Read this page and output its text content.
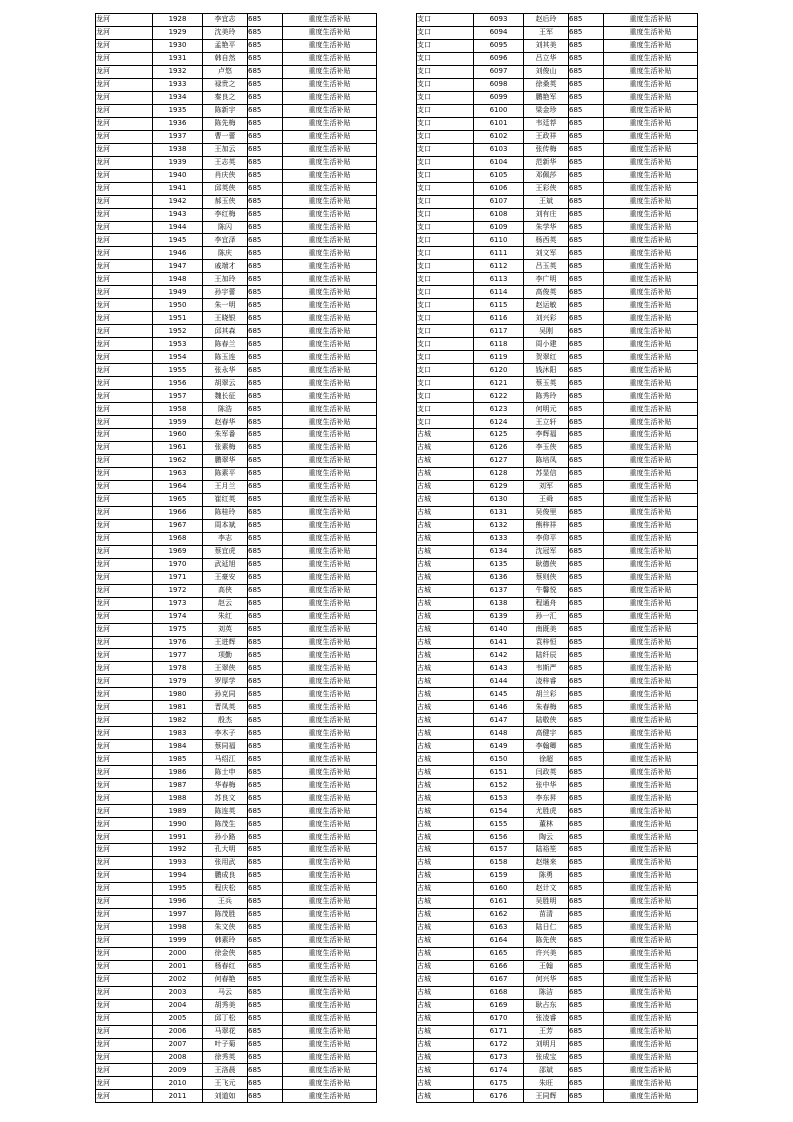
龙河	1928	李宜志	685	重度生活补贴
龙河	1929	沈美玲	685	重度生活补贴
龙河	1930	孟艳平	685	重度生活补贴
龙河	1931	韩自然	685	重度生活补贴
龙河	1932	卢悠	685	重度生活补贴
龙河	1933	禄贵之	685	重度生活补贴
龙河	1934	秦良之	685	重度生活补贴
龙河	1935	陈新宇	685	重度生活补贴
龙河	1936	陈先梅	685	重度生活补贴
龙河	1937	曹一蕾	685	重度生活补贴
龙河	1938	王加云	685	重度生活补贴
龙河	1939	王志英	685	重度生活补贴
龙河	1940	肖庆侠	685	重度生活补贴
龙河	1941	邱英侠	685	重度生活补贴
龙河	1942	郝玉侠	685	重度生活补贴
龙河	1943	李红梅	685	重度生活补贴
龙河	1944	陈闪	685	重度生活补贴
龙河	1945	李宜泽	685	重度生活补贴
龙河	1946	陈庆	685	重度生活补贴
龙河	1947	戚端才	685	重度生活补贴
龙河	1948	王加玲	685	重度生活补贴
龙河	1949	孙宇蕾	685	重度生活补贴
龙河	1950	朱一明	685	重度生活补贴
龙河	1951	王晓银	685	重度生活补贴
龙河	1952	邱其森	685	重度生活补贴
龙河	1953	陈春兰	685	重度生活补贴
龙河	1954	陈玉连	685	重度生活补贴
龙河	1955	张永华	685	重度生活补贴
龙河	1956	胡翠云	685	重度生活补贴
龙河	1957	魏长征	685	重度生活补贴
龙河	1958	陈浩	685	重度生活补贴
龙河	1959	赵春华	685	重度生活补贴
龙河	1960	朱军番	685	重度生活补贴
龙河	1961	张素梅	685	重度生活补贴
龙河	1962	鹏翠华	685	重度生活补贴
龙河	1963	陈素平	685	重度生活补贴
龙河	1964	王月兰	685	重度生活补贴
龙河	1965	崔红英	685	重度生活补贴
龙河	1966	陈桂玲	685	重度生活补贴
龙河	1967	周本斌	685	重度生活补贴
龙河	1968	李志	685	重度生活补贴
龙河	1969	蔡宜虎	685	重度生活补贴
龙河	1970	武延旭	685	重度生活补贴
龙河	1971	王豪安	685	重度生活补贴
龙河	1972	高侠	685	重度生活补贴
龙河	1973	赵云	685	重度生活补贴
龙河	1974	朱红	685	重度生活补贴
龙河	1975	刘英	685	重度生活补贴
龙河	1976	王进辉	685	重度生活补贴
龙河	1977	项勤	685	重度生活补贴
龙河	1978	王翠侠	685	重度生活补贴
龙河	1979	罗厚学	685	重度生活补贴
龙河	1980	孙克同	685	重度生活补贴
龙河	1981	晋凤英	685	重度生活补贴
龙河	1982	殷杰	685	重度生活补贴
龙河	1983	李木子	685	重度生活补贴
龙河	1984	蔡同福	685	重度生活补贴
龙河	1985	马绍江	685	重度生活补贴
龙河	1986	陈士申	685	重度生活补贴
龙河	1987	华春梅	685	重度生活补贴
龙河	1988	苏良文	685	重度生活补贴
龙河	1989	陈连英	685	重度生活补贴
龙河	1990	陈茂生	685	重度生活补贴
龙河	1991	孙小路	685	重度生活补贴
龙河	1992	孔大明	685	重度生活补贴
龙河	1993	张用武	685	重度生活补贴
龙河	1994	鹏成良	685	重度生活补贴
龙河	1995	程庆松	685	重度生活补贴
龙河	1996	王兵	685	重度生活补贴
龙河	1997	陈茂胜	685	重度生活补贴
龙河	1998	朱文侠	685	重度生活补贴
龙河	1999	韩素玲	685	重度生活补贴
龙河	2000	徐金侠	685	重度生活补贴
龙河	2001	杨春红	685	重度生活补贴
龙河	2002	何春艳	685	重度生活补贴
龙河	2003	马云	685	重度生活补贴
龙河	2004	胡秀美	685	重度生活补贴
龙河	2005	邱丁松	685	重度生活补贴
龙河	2006	马翠花	685	重度生活补贴
龙河	2007	叶子菊	685	重度生活补贴
龙河	2008	徐秀英	685	重度生活补贴
龙河	2009	王洛晨	685	重度生活补贴
龙河	2010	王飞元	685	重度生活补贴
龙河	2011	刘道如	685	重度生活补贴
支口	6093	赵后玲	685	重度生活补贴
支口	6094	王军	685	重度生活补贴
支口	6095	刘其美	685	重度生活补贴
支口	6096	吕立华	685	重度生活补贴
支口	6097	刘俊山	685	重度生活补贴
支口	6098	徐桑英	685	重度生活补贴
支口	6099	鹏艳军	685	重度生活补贴
支口	6100	梁金珍	685	重度生活补贴
支口	6101	韦廷荐	685	重度生活补贴
支口	6102	王政祥	685	重度生活补贴
支口	6103	张传梅	685	重度生活补贴
支口	6104	范新华	685	重度生活补贴
支口	6105	邓佩莎	685	重度生活补贴
支口	6106	王彩侠	685	重度生活补贴
支口	6107	王斌	685	重度生活补贴
支口	6108	刘有庄	685	重度生活补贴
支口	6109	朱学华	685	重度生活补贴
支口	6110	杨西英	685	重度生活补贴
支口	6111	刘文军	685	重度生活补贴
支口	6112	吕玉英	685	重度生活补贴
支口	6113	李广明	685	重度生活补贴
支口	6114	高俊英	685	重度生活补贴
支口	6115	赵运敏	685	重度生活补贴
支口	6116	刘兴彩	685	重度生活补贴
支口	6117	吴刚	685	重度生活补贴
支口	6118	周小建	685	重度生活补贴
支口	6119	贺翠红	685	重度生活补贴
支口	6120	钱沐阳	685	重度生活补贴
支口	6121	蔡玉英	685	重度生活补贴
支口	6122	陈秀玲	685	重度生活补贴
支口	6123	何明元	685	重度生活补贴
支口	6124	王立轩	685	重度生活补贴
古城	6125	李辉福	685	重度生活补贴
古城	6126	李玉侠	685	重度生活补贴
古城	6127	陈培凤	685	重度生活补贴
古城	6128	苏显信	685	重度生活补贴
古城	6129	刘军	685	重度生活补贴
古城	6130	王舜	685	重度生活补贴
古城	6131	吴俊里	685	重度生活补贴
古城	6132	熊梓祥	685	重度生活补贴
古城	6133	李仰平	685	重度生活补贴
古城	6134	沈冠军	685	重度生活补贴
古城	6135	耿德侠	685	重度生活补贴
古城	6136	蔡则侠	685	重度生活补贴
古城	6137	牛馨悦	685	重度生活补贴
古城	6138	程通舟	685	重度生活补贴
古城	6139	孙一汇	685	重度生活补贴
古城	6140	南既美	685	重度生活补贴
古城	6141	袁梓恒	685	重度生活补贴
古城	6142	陆纤辰	685	重度生活补贴
古城	6143	韦斯严	685	重度生活补贴
古城	6144	凌梓睿	685	重度生活补贴
古城	6145	胡兰彩	685	重度生活补贴
古城	6146	朱春梅	685	重度生活补贴
古城	6147	陆敬侠	685	重度生活补贴
古城	6148	高健宇	685	重度生活补贴
古城	6149	李翰卿	685	重度生活补贴
古城	6150	徐超	685	重度生活补贴
古城	6151	闫政英	685	重度生活补贴
古城	6152	张中华	685	重度生活补贴
古城	6153	李东昇	685	重度生活补贴
古城	6154	尤胜虎	685	重度生活补贴
古城	6155	董林	685	重度生活补贴
古城	6156	陶云	685	重度生活补贴
古城	6157	陆裕笙	685	重度生活补贴
古城	6158	赵继来	685	重度生活补贴
古城	6159	陈勇	685	重度生活补贴
古城	6160	赵计文	685	重度生活补贴
古城	6161	吴胜明	685	重度生活补贴
古城	6162	苗清	685	重度生活补贴
古城	6163	陆日仁	685	重度生活补贴
古城	6164	陈先侠	685	重度生活补贴
古城	6165	许兴美	685	重度生活补贴
古城	6166	王翰	685	重度生活补贴
古城	6167	何兴华	685	重度生活补贴
古城	6168	陈洁	685	重度生活补贴
古城	6169	耿占东	685	重度生活补贴
古城	6170	张凌睿	685	重度生活补贴
古城	6171	王芳	685	重度生活补贴
古城	6172	刘明月	685	重度生活补贴
古城	6173	张成宝	685	重度生活补贴
古城	6174	邵斌	685	重度生活补贴
古城	6175	朱旺	685	重度生活补贴
古城	6176	王同辉	685	重度生活补贴
